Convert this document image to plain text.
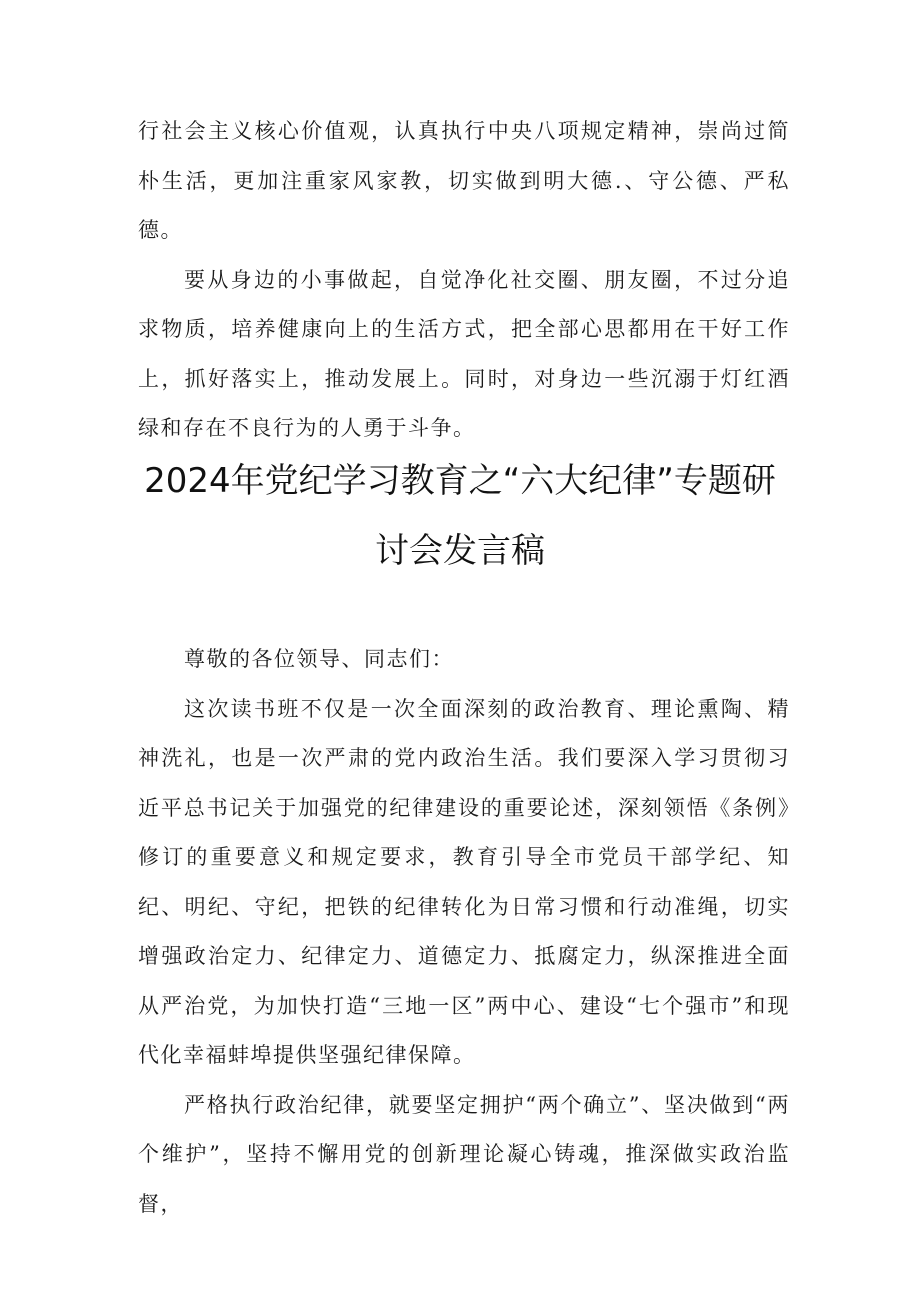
行社会主义核心价值观，认真执行中央八项规定精神，崇尚过简朴生活，更加注重家风家教，切实做到明大德.、守公德、严私德。

要从身边的小事做起，自觉净化社交圈、朋友圈，不过分追求物质，培养健康向上的生活方式，把全部心思都用在干好工作上，抓好落实上，推动发展上。同时，对身边一些沉溺于灯红酒绿和存在不良行为的人勇于斗争。

2024年党纪学习教育之“六大纪律”专题研
讨会发言稿

尊敬的各位领导、同志们：

这次读书班不仅是一次全面深刻的政治教育、理论熏陶、精神洗礼，也是一次严肃的党内政治生活。我们要深入学习贯彻习近平总书记关于加强党的纪律建设的重要论述，深刻领悟《条例》修订的重要意义和规定要求，教育引导全市党员干部学纪、知纪、明纪、守纪，把铁的纪律转化为日常习惯和行动准绳，切实增强政治定力、纪律定力、道德定力、抵腐定力，纵深推进全面从严治党，为加快打造“三地一区”两中心、建设“七个强市”和现代化幸福蚌埠提供坚强纪律保障。

严格执行政治纪律，就要坚定拥护“两个确立”、坚决做到“两个维护”，坚持不懈用党的创新理论凝心铸魂，推深做实政治监督，
